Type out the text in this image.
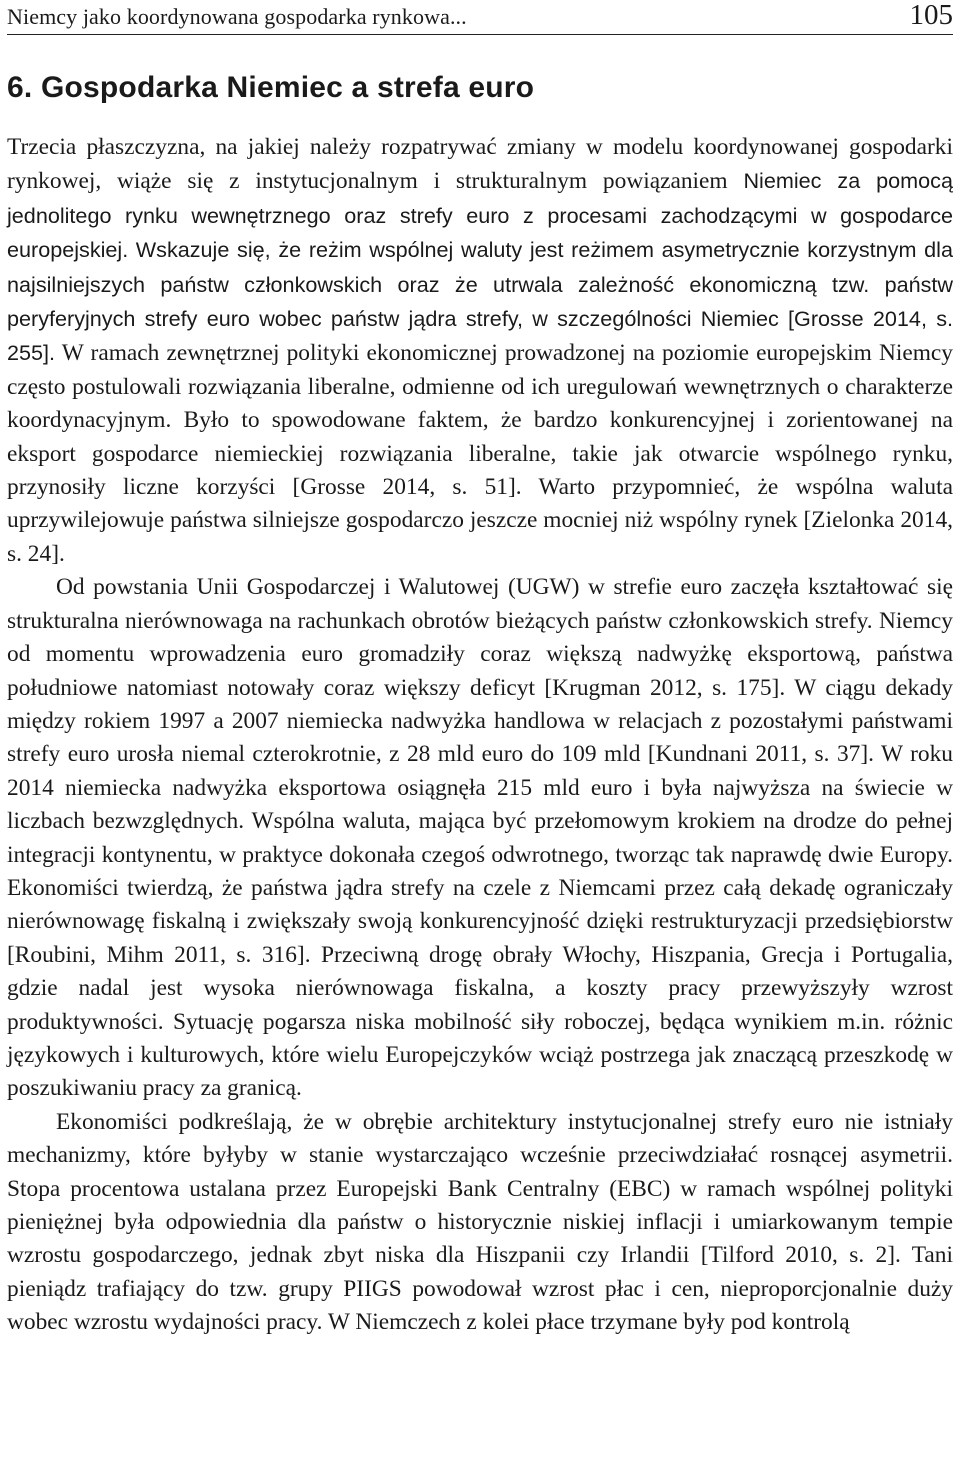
Niemcy jako koordynowana gospodarka rynkowa...	105
6. Gospodarka Niemiec a strefa euro

Trzecia płaszczyzna, na jakiej należy rozpatrywać zmiany w modelu koordynowanej gospodarki rynkowej, wiąże się z instytucjonalnym i strukturalnym powiązaniem Niemiec za pomocą jednolitego rynku wewnętrznego oraz strefy euro z procesami zachodzącymi w gospodarce europejskiej. Wskazuje się, że reżim wspólnej waluty jest reżimem asymetrycznie korzystnym dla najsilniejszych państw członkowskich oraz że utrwala zależność ekonomiczną tzw. państw peryferyjnych strefy euro wobec państw jądra strefy, w szczególności Niemiec [Grosse 2014, s. 255]. W ramach zewnętrznej polityki ekonomicznej prowadzonej na poziomie europejskim Niemcy często postulowali rozwiązania liberalne, odmienne od ich uregulowań wewnętrznych o charakterze koordynacyjnym. Było to spowodowane faktem, że bardzo konkurencyjnej i zorientowanej na eksport gospodarce niemieckiej rozwiązania liberalne, takie jak otwarcie wspólnego rynku, przynosiły liczne korzyści [Grosse 2014, s. 51]. Warto przypomnieć, że wspólna waluta uprzywilejowuje państwa silniejsze gospodarczo jeszcze mocniej niż wspólny rynek [Zielonka 2014, s. 24].

Od powstania Unii Gospodarczej i Walutowej (UGW) w strefie euro zaczęła kształtować się strukturalna nierównowaga na rachunkach obrotów bieżących państw członkowskich strefy. Niemcy od momentu wprowadzenia euro gromadziły coraz większą nadwyżkę eksportową, państwa południowe natomiast notowały coraz większy deficyt [Krugman 2012, s. 175]. W ciągu dekady między rokiem 1997 a 2007 niemiecka nadwyżka handlowa w relacjach z pozostałymi państwami strefy euro urosła niemal czterokrotnie, z 28 mld euro do 109 mld [Kundnani 2011, s. 37]. W roku 2014 niemiecka nadwyżka eksportowa osiągnęła 215 mld euro i była najwyższa na świecie w liczbach bezwzględnych. Wspólna waluta, mająca być przełomowym krokiem na drodze do pełnej integracji kontynentu, w praktyce dokonała czegoś odwrotnego, tworząc tak naprawdę dwie Europy. Ekonomiści twierdzą, że państwa jądra strefy na czele z Niemcami przez całą dekadę ograniczały nierównowagę fiskalną i zwiększały swoją konkurencyjność dzięki restrukturyzacji przedsiębiorstw [Roubini, Mihm 2011, s. 316]. Przeciwną drogę obrały Włochy, Hiszpania, Grecja i Portugalia, gdzie nadal jest wysoka nierównowaga fiskalna, a koszty pracy przewyższyły wzrost produktywności. Sytuację pogarsza niska mobilność siły roboczej, będąca wynikiem m.in. różnic językowych i kulturowych, które wielu Europejczyków wciąż postrzega jak znaczącą przeszkodę w poszukiwaniu pracy za granicą.

Ekonomiści podkreślają, że w obrębie architektury instytucjonalnej strefy euro nie istniały mechanizmy, które byłyby w stanie wystarczająco wcześnie przeciwdziałać rosnącej asymetrii. Stopa procentowa ustalana przez Europejski Bank Centralny (EBC) w ramach wspólnej polityki pieniężnej była odpowiednia dla państw o historycznie niskiej inflacji i umiarkowanym tempie wzrostu gospodarczego, jednak zbyt niska dla Hiszpanii czy Irlandii [Tilford 2010, s. 2]. Tani pieniądz trafiający do tzw. grupy PIIGS powodował wzrost płac i cen, nieproporcjonalnie duży wobec wzrostu wydajności pracy. W Niemczech z kolei płace trzymane były pod kontrolą
